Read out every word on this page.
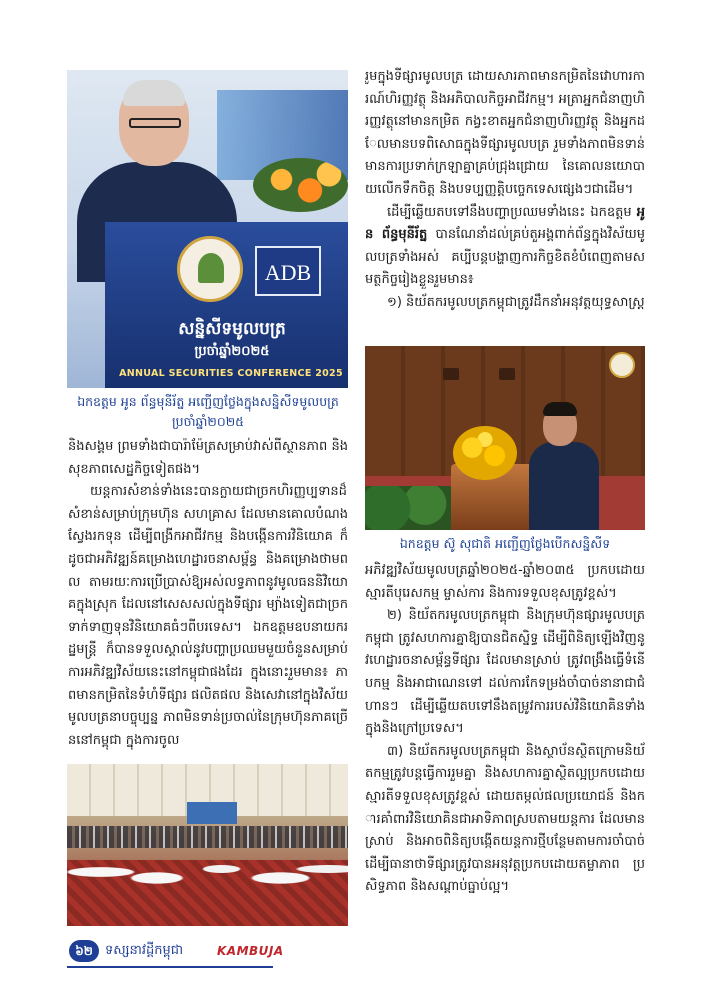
ADB
សន្និសីទមូលបត្រ
ប្រចាំឆ្នាំ២០២៥
ANNUAL SECURITIES CONFERENCE 2025
ឯកឧត្តម អូន ព័ន្ធមុនីរ័ត្ន អញ្ជើញថ្លែងក្នុងសន្និសីទមូលបត្រ ប្រចាំឆ្នាំ២០២៥

និងសង្គម ព្រមទាំងជាបារ៉ាម៉ែត្រសម្រាប់វាស់ពីស្ថានភាព និងសុខភាពសេដ្ឋកិច្ចទៀតផង។

យន្តការសំខាន់ទាំងនេះបានក្លាយជាច្រកហិរញ្ញប្បទានដ៏សំខាន់សម្រាប់ក្រុមហ៊ុន សហគ្រាស ដែលមានគោលបំណងស្វែងរកទុន ដើម្បីពង្រីកអាជីវកម្ម និងបង្កើនការវិនិយោគ ក៏ដូចជាអភិវឌ្ឍន៍គម្រោងហេដ្ឋារចនាសម្ព័ន្ធ និងគម្រោងថាមពល តាមរយៈការប្រើប្រាស់ឱ្យអស់លទ្ធភាពនូវមូលធននិវិយោគក្នុងស្រុក ដែលនៅសេសសល់ក្នុងទីផ្សារ ម្យ៉ាងទៀតជាច្រកទាក់ទាញទុនវិនិយោគធំៗពីបរទេស។ ឯកឧត្តមឧបនាយករដ្ឋមន្ត្រី ក៏បានទទួលស្គាល់នូវបញ្ហាប្រឈមមួយចំនួនសម្រាប់ការអភិវឌ្ឍវិស័យនេះនៅកម្ពុជាផងដែរ ក្នុងនោះរួមមាន៖ ភាពមានកម្រិតនៃទំហំទីផ្សារ ផលិតផល និងសេវានៅក្នុងវិស័យមូលបត្រនាបច្ចុប្បន្ន ភាពមិនទាន់ប្រចាល់នៃក្រុមហ៊ុនភាគច្រើននៅកម្ពុជា ក្នុងការចូល

រួមក្នុងទីផ្សារមូលបត្រ ដោយសារភាពមានកម្រិតនៃវោហារការណ៍ហិរញ្ញវត្ថុ និងអភិបាលកិច្ចអាជីវកម្ម។ អត្រាអ្នកជំនាញហិរញ្ញវត្ថុនៅមានកម្រិត កង្វះខាតអ្នកជំនាញហិរញ្ញវត្ថុ និងអ្នកដែលមានបទពិសោធក្នុងទីផ្សារមូលបត្រ រួមទាំងភាពមិនទាន់មានការប្រទាក់ក្រឡាគ្នាគ្រប់ជ្រុងជ្រោយ នៃគោលនយោបាយលើកទឹកចិត្ត និងបទប្បញ្ញត្តិបច្ចេកទេសផ្សេងៗជាដើម។

ដើម្បីឆ្លើយតបទៅនឹងបញ្ហាប្រឈមទាំងនេះ ឯកឧត្តម អូន ព័ន្ធមុនីរ័ត្ន បានណែនាំដល់គ្រប់តួអង្គពាក់ព័ន្ធក្នុងវិស័យមូលបត្រទាំងអស់ គប្បីបន្តបង្ហាញការកិច្ចខិតខំបំពេញតាមសមត្ថកិច្ចរៀងខ្លួនរួមមាន៖

១) និយ័តករមូលបត្រកម្ពុជាត្រូវដឹកនាំអនុវត្តយុទ្ធសាស្ត្រ

ឯកឧត្តម ស៊ូ សុជាតិ អញ្ជើញថ្លែងបើកសន្និសីទ

អភិវឌ្ឍវិស័យមូលបត្រឆ្នាំ២០២៥-ឆ្នាំ២០៣៥ ប្រកបដោយស្មារតីបុរេសកម្ម ម្ចាស់ការ និងការទទួលខុសត្រូវខ្ពស់។

២) និយ័តករមូលបត្រកម្ពុជា និងក្រុមហ៊ុនផ្សារមូលបត្រកម្ពុជា ត្រូវសហការគ្នាឱ្យបានជិតស្និទ្ធ ដើម្បីពិនិត្យឡើងវិញនូវហេដ្ឋារចនាសម្ព័ន្ធទីផ្សារ ដែលមានស្រាប់ ត្រូវពង្រឹងធ្វើទំនើបកម្ម និងអាជាណេនទៅ ដល់ការកែទម្រង់ចាំបាច់នានាជាជំហានៗ ដើម្បីឆ្លើយតបទៅនឹងតម្រូវការរបស់វិនិយោគិនទាំងក្នុងនិងក្រៅប្រទេស។

៣) និយ័តករមូលបត្រកម្ពុជា និងស្ថាប័នស្ថិតក្រោមនិយ័តកម្មត្រូវបន្តធ្វើការរួមគ្នា និងសហការគ្នាស្ថិតល្អប្រកបដោយស្មារតីទទួលខុសត្រូវខ្ពស់ ដោយតម្កល់ផលប្រយោជន៍ និងការគាំពារវិនិយោគិនជាអាទិភាពស្របតាមយន្តការ ដែលមានស្រាប់ និងអាចពិនិត្យបង្កើតយន្តការថ្មីបន្ថែមតាមការចាំបាច់ ដើម្បីធានាថាទីផ្សារត្រូវបានអនុវត្តប្រកបដោយតម្លាភាព ប្រសិទ្ធភាព និងសណ្តាប់ធ្នាប់ល្អ។

៦២ ទស្សនាវដ្តីកម្ពុជា	KAMBUJA
